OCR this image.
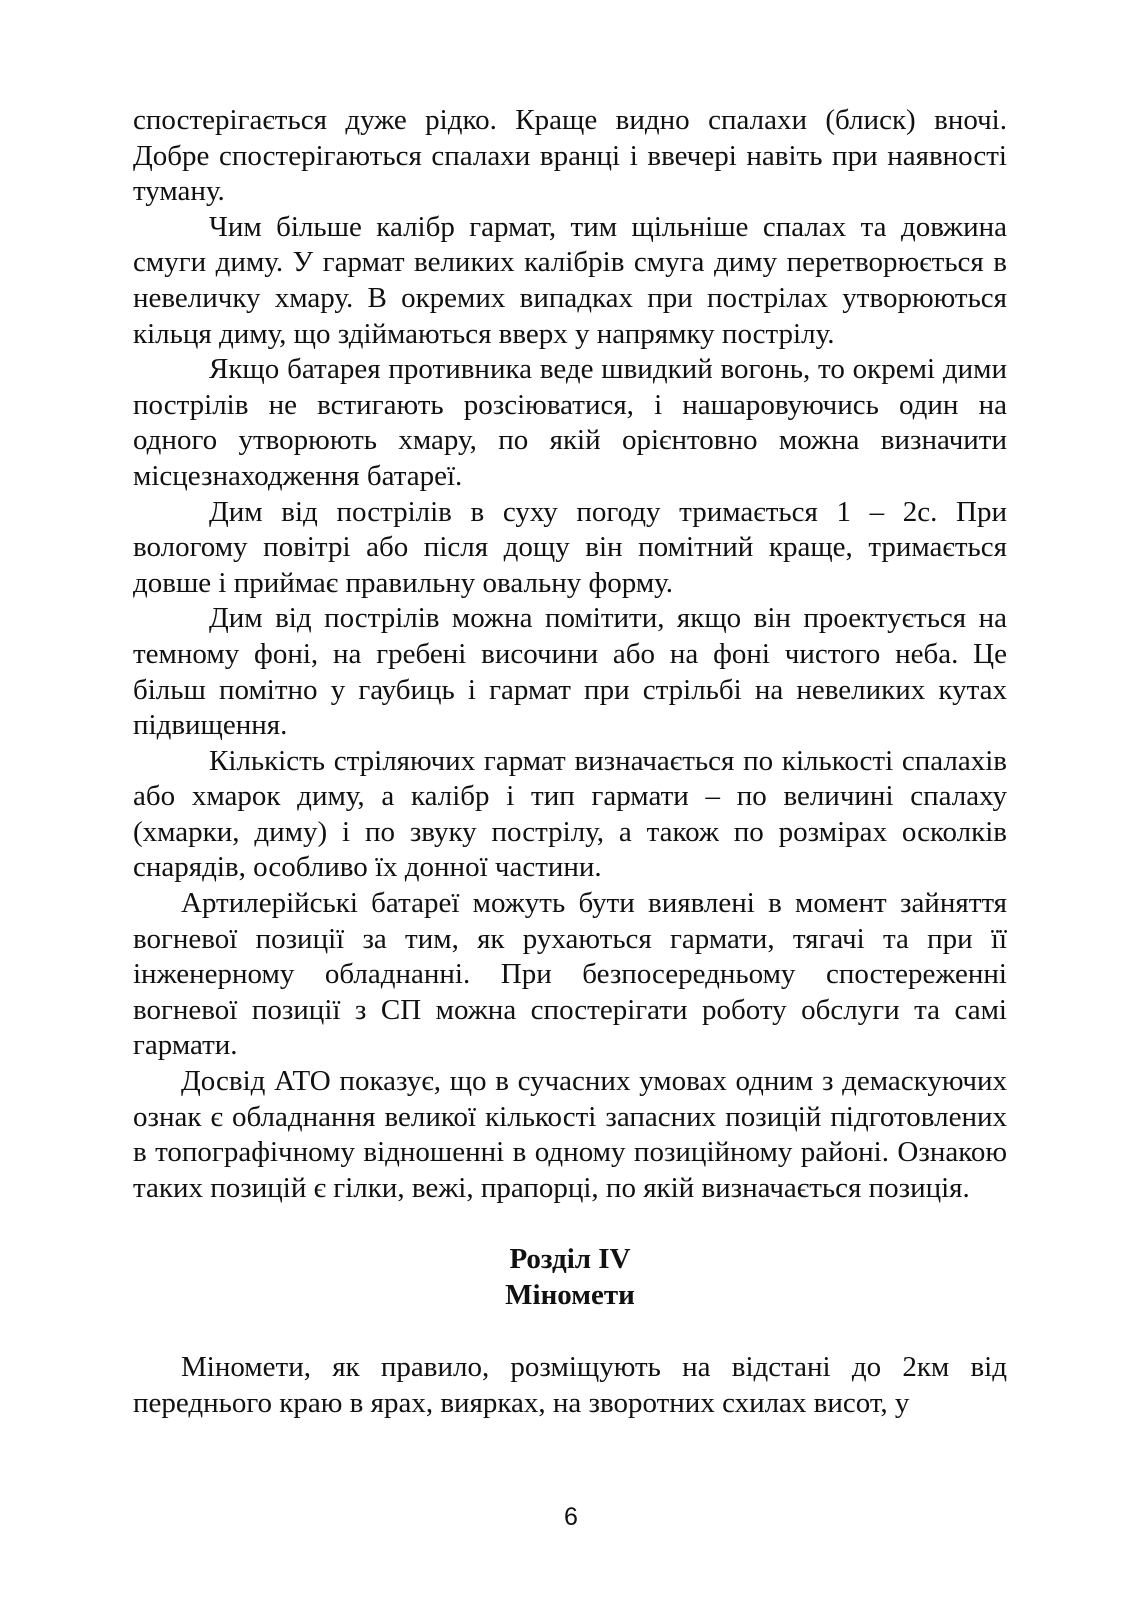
спостерігається дуже рідко. Краще видно спалахи (блиск) вночі. Добре спостерігаються спалахи вранці і ввечері навіть при наявності туману.

Чим більше калібр гармат, тим щільніше спалах та довжина смуги диму. У гармат великих калібрів смуга диму перетворюється в невеличку хмару. В окремих випадках при пострілах утворюються кільця диму, що здіймаються вверх у напрямку пострілу.

Якщо батарея противника веде швидкий вогонь, то окремі дими пострілів не встигають розсіюватися, і нашаровуючись один на одного утворюють хмару, по якій орієнтовно можна визначити місцезнаходження батареї.

Дим від пострілів в суху погоду тримається 1 – 2с. При вологому повітрі або після дощу він помітний краще, тримається довше і приймає правильну овальну форму.

Дим від пострілів можна помітити, якщо він проектується на темному фоні, на гребені височини або на фоні чистого неба. Це більш помітно у гаубиць і гармат при стрільбі на невеликих кутах підвищення.

Кількість стріляючих гармат визначається по кількості спалахів або хмарок диму, а калібр і тип гармати – по величині спалаху (хмарки, диму) і по звуку пострілу, а також по розмірах осколків снарядів, особливо їх донної частини.

Артилерійські батареї можуть бути виявлені в момент зайняття вогневої позиції за тим, як рухаються гармати, тягачі та при її інженерному обладнанні. При безпосередньому спостереженні вогневої позиції з СП можна спостерігати роботу обслуги та самі гармати.

Досвід АТО показує, що в сучасних умовах одним з демаскуючих ознак є обладнання великої кількості запасних позицій підготовлених в топографічному відношенні в одному позиційному районі. Ознакою таких позицій є гілки, вежі, прапорці, по якій визначається позиція.

Розділ IV

Міномети

Міномети, як правило, розміщують на відстані до 2км від переднього краю в ярах, виярках, на зворотних схилах висот, у

6
